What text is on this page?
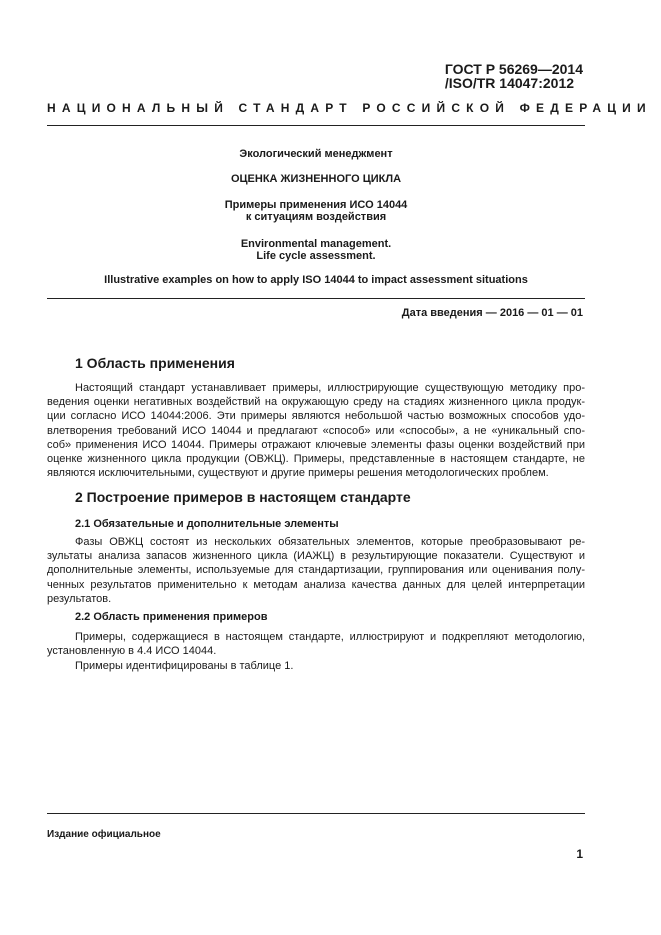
ГОСТ Р 56269—2014
/ISO/TR 14047:2012
НАЦИОНАЛЬНЫЙ СТАНДАРТ РОССИЙСКОЙ ФЕДЕРАЦИИ
Экологический менеджмент
ОЦЕНКА ЖИЗНЕННОГО ЦИКЛА
Примеры применения ИСО 14044
к ситуациям воздействия
Environmental management.
Life cycle assessment.
Illustrative examples on how to apply ISO 14044 to impact assessment situations
Дата введения — 2016 — 01 — 01
1 Область применения
Настоящий стандарт устанавливает примеры, иллюстрирующие существующую методику про-
ведения оценки негативных воздействий на окружающую среду на стадиях жизненного цикла продук-
ции согласно ИСО 14044:2006. Эти примеры являются небольшой частью возможных способов удо-
влетворения требований ИСО 14044 и предлагают «способ» или «способы», а не «уникальный спо-
соб» применения ИСО 14044. Примеры отражают ключевые элементы фазы оценки воздействий при
оценке жизненного цикла продукции (ОВЖЦ). Примеры, представленные в настоящем стандарте, не
являются исключительными, существуют и другие примеры решения методологических проблем.
2 Построение примеров в настоящем стандарте
2.1 Обязательные и дополнительные элементы
Фазы ОВЖЦ состоят из нескольких обязательных элементов, которые преобразовывают ре-
зультаты анализа запасов жизненного цикла (ИАЖЦ) в результирующие показатели. Существуют и
дополнительные элементы, используемые для стандартизации, группирования или оценивания полу-
ченных результатов применительно к методам анализа качества данных для целей интерпретации
результатов.
2.2 Область применения примеров
Примеры, содержащиеся в настоящем стандарте, иллюстрируют и подкрепляют методологию,
установленную в 4.4 ИСО 14044.
Примеры идентифицированы в таблице 1.
Издание официальное
1
